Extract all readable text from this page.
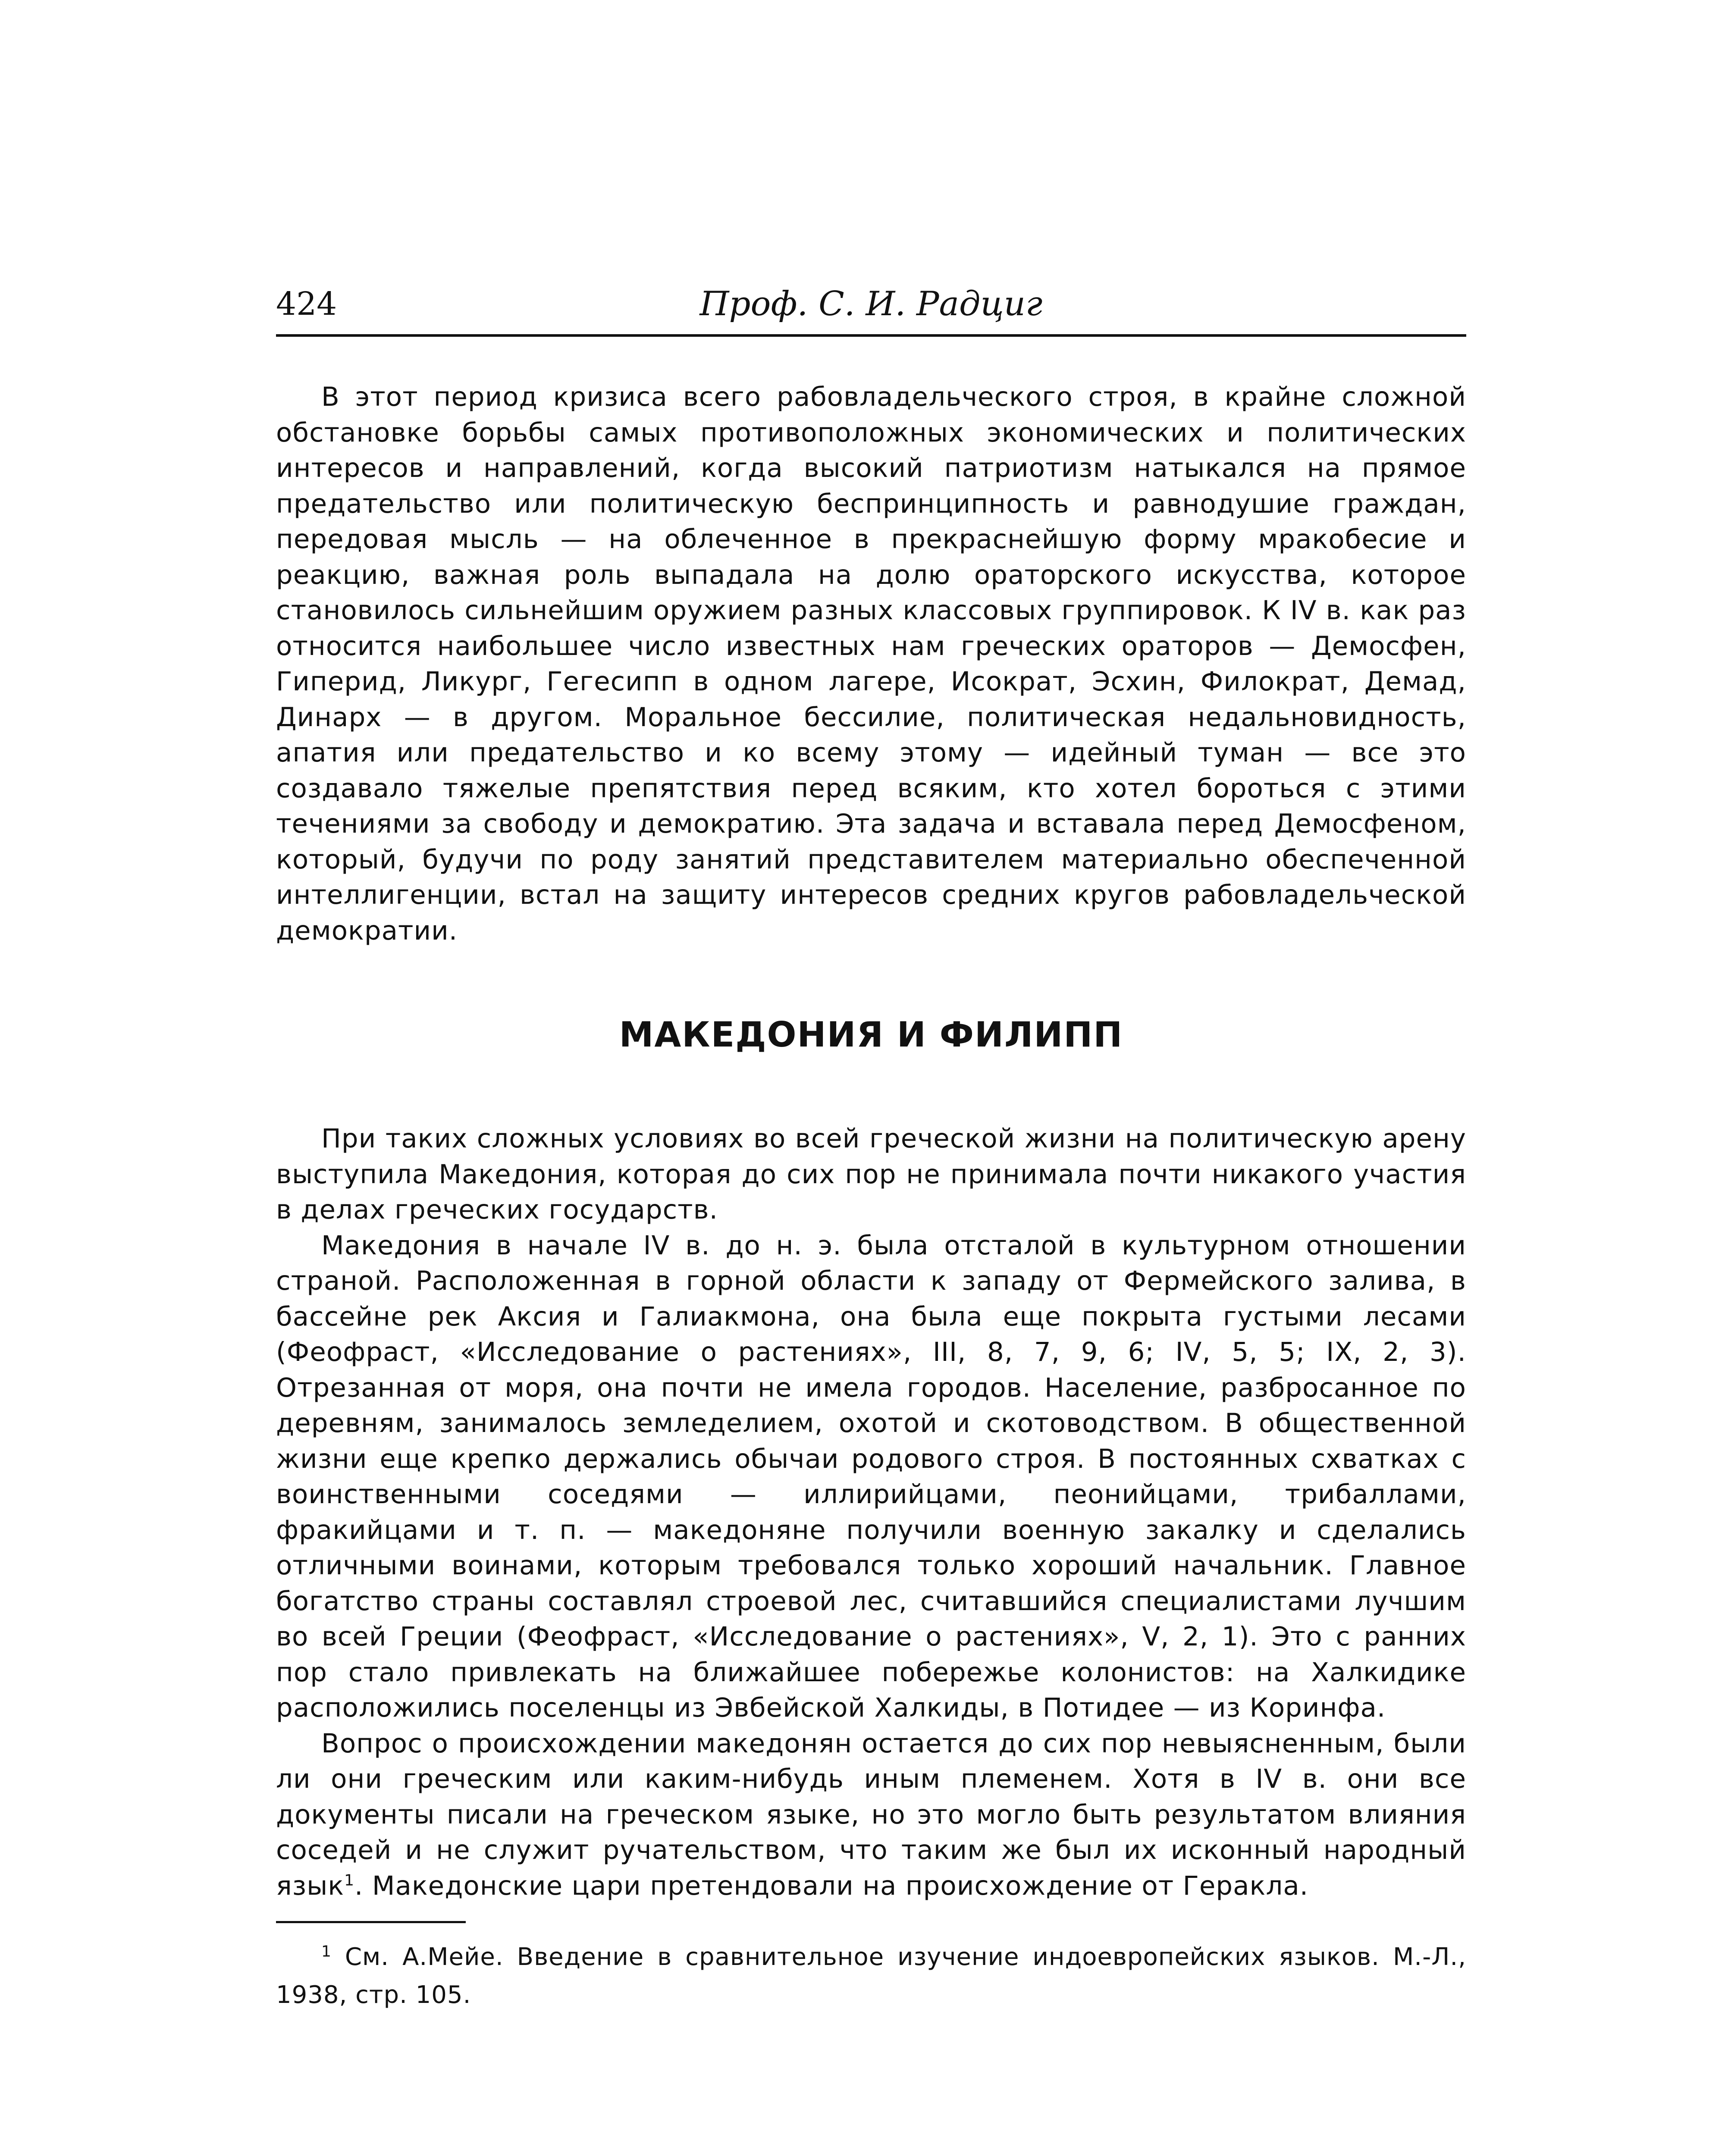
424	Проф. С. И. Радциг

В этот период кризиса всего рабовладельческого строя, в крайне сложной обстановке борьбы самых противоположных экономических и политических интересов и направлений, когда высокий патриотизм натыкался на прямое предательство или политическую беспринципность и равнодушие граждан, передовая мысль — на облеченное в прекраснейшую форму мракобесие и реакцию, важная роль выпадала на долю ораторского искусства, которое становилось сильнейшим оружием разных классовых группировок. К IV в. как раз относится наибольшее число известных нам греческих ораторов — Демосфен, Гиперид, Ликург, Гегесипп в одном лагере, Исократ, Эсхин, Филократ, Демад, Динарх — в другом. Моральное бессилие, политическая недальновидность, апатия или предательство и ко всему этому — идейный туман — все это создавало тяжелые препятствия перед всяким, кто хотел бороться с этими течениями за свободу и демократию. Эта задача и вставала перед Демосфеном, который, будучи по роду занятий представителем материально обеспеченной интеллигенции, встал на защиту интересов средних кругов рабовладельческой демократии.

МАКЕДОНИЯ И ФИЛИПП

При таких сложных условиях во всей греческой жизни на политическую арену выступила Македония, которая до сих пор не принимала почти никакого участия в делах греческих государств.

Македония в начале IV в. до н. э. была отсталой в культурном отношении страной. Расположенная в горной области к западу от Фермейского залива, в бассейне рек Аксия и Галиакмона, она была еще покрыта густыми лесами (Феофраст, «Исследование о растениях», III, 8, 7, 9, 6; IV, 5, 5; IX, 2, 3). Отрезанная от моря, она почти не имела городов. Население, разбросанное по деревням, занималось земледелием, охотой и скотоводством. В общественной жизни еще крепко держались обычаи родового строя. В постоянных схватках с воинственными соседями — иллирийцами, пеонийцами, трибаллами, фракийцами и т. п. — македоняне получили военную закалку и сделались отличными воинами, которым требовался только хороший начальник. Главное богатство страны составлял строевой лес, считавшийся специалистами лучшим во всей Греции (Феофраст, «Исследование о растениях», V, 2, 1). Это с ранних пор стало привлекать на ближайшее побережье колонистов: на Халкидике расположились поселенцы из Эвбейской Халкиды, в Потидее — из Коринфа.

Вопрос о происхождении македонян остается до сих пор невыясненным, были ли они греческим или каким-нибудь иным племенем. Хотя в IV в. они все документы писали на греческом языке, но это могло быть результатом влияния соседей и не служит ручательством, что таким же был их исконный народный язык$^1$. Македонские цари претендовали на происхождение от Геракла.

$^1$ См. А.Мейе. Введение в сравнительное изучение индоевропейских языков. М.-Л., 1938, стр. 105.
